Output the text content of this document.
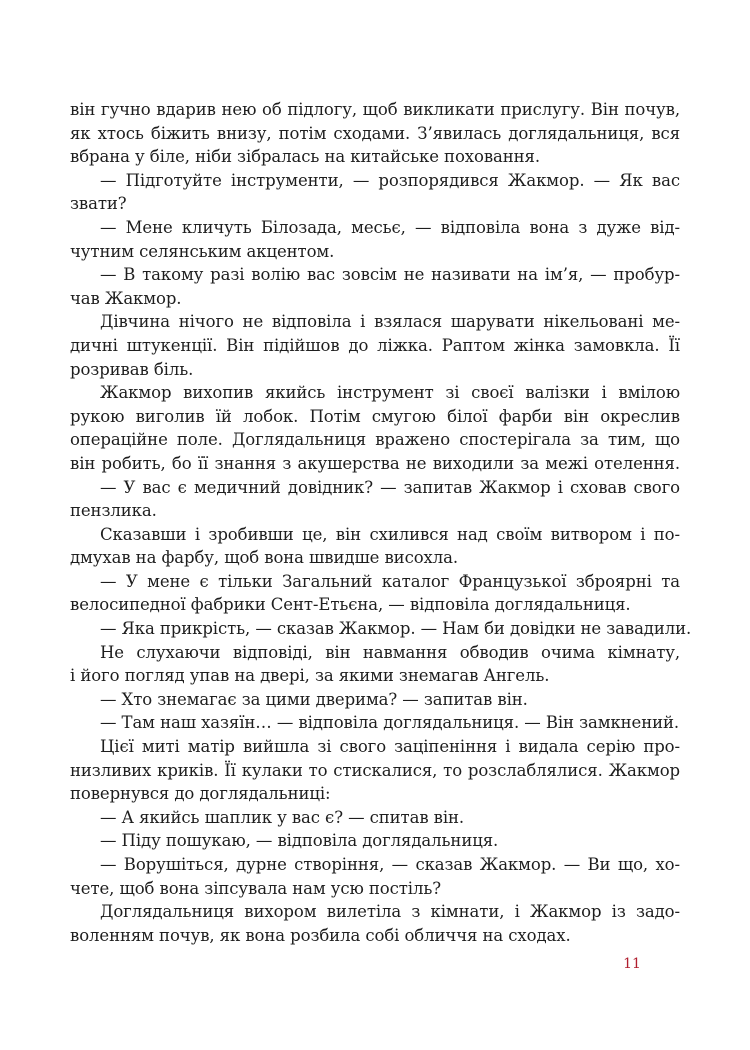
він гучно вдарив нею об підлогу, щоб викликати прислугу. Він почув,
як хтось біжить внизу, потім сходами. З’явилась доглядальниця, вся
вбрана у біле, ніби зібралась на китайське поховання.
— Підготуйте інструменти, — розпорядився Жакмор. — Як вас
звати?
— Мене кличуть Білозада, месьє, — відповіла вона з дуже від-
чутним селянським акцентом.
— В такому разі волію вас зовсім не називати на ім’я, — пробур-
чав Жакмор.
Дівчина нічого не відповіла і взялася шарувати нікельовані ме-
дичні штукенції. Він підійшов до ліжка. Раптом жінка замовкла. Її
розривав біль.
Жакмор вихопив якийсь інструмент зі своєї валізки і вмілою
рукою виголив їй лобок. Потім смугою білої фарби він окреслив
операційне поле. Доглядальниця вражено спостерігала за тим, що
він робить, бо її знання з акушерства не виходили за межі отелення.
— У вас є медичний довідник? — запитав Жакмор і сховав свого
пензлика.
Сказавши і зробивши це, він схилився над своїм витвором і по-
дмухав на фарбу, щоб вона швидше висохла.
— У мене є тільки Загальний каталог Французької зброярні та
велосипедної фабрики Сент-Етьєна, — відповіла доглядальниця.
— Яка прикрість, — сказав Жакмор. — Нам би довідки не завадили.
Не слухаючи відповіді, він навмання обводив очима кімнату,
і його погляд упав на двері, за якими знемагав Ангель.
— Хто знемагає за цими дверима? — запитав він.
— Там наш хазяїн… — відповіла доглядальниця. — Він замкнений.
Цієї миті матір вийшла зі свого заціпеніння і видала серію про-
низливих криків. Її кулаки то стискалися, то розслаблялися. Жакмор
повернувся до доглядальниці:
— А якийсь шаплик у вас є? — спитав він.
— Піду пошукаю, — відповіла доглядальниця.
— Ворушіться, дурне створіння, — сказав Жакмор. — Ви що, хо-
чете, щоб вона зіпсувала нам усю постіль?
Доглядальниця вихором вилетіла з кімнати, і Жакмор із задо-
воленням почув, як вона розбила собі обличчя на сходах.
11
